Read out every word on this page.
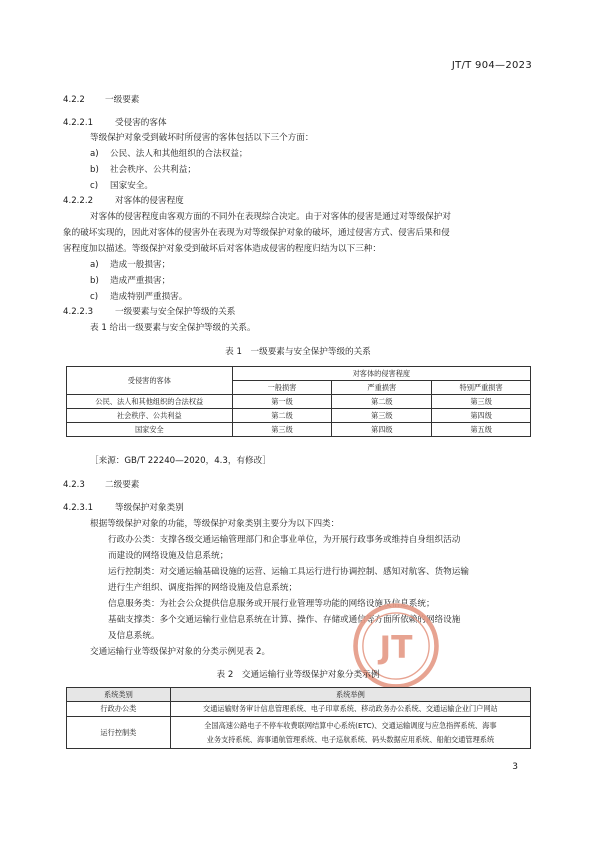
JT/T 904—2023
4.2.2 一级要素
4.2.2.1	受侵害的客体
等级保护对象受到破坏时所侵害的客体包括以下三个方面：
a) 公民、法人和其他组织的合法权益；
b) 社会秩序、公共利益；
c) 国家安全。
4.2.2.2	对客体的侵害程度
对客体的侵害程度由客观方面的不同外在表现综合决定。由于对客体的侵害是通过对等级保护对
象的破坏实现的，因此对客体的侵害外在表现为对等级保护对象的破坏，通过侵害方式、侵害后果和侵
害程度加以描述。等级保护对象受到破坏后对客体造成侵害的程度归结为以下三种：
a) 造成一般损害；
b) 造成严重损害；
c) 造成特别严重损害。
4.2.2.3	一级要素与安全保护等级的关系
表 1 给出一级要素与安全保护等级的关系。
表 1　一级要素与安全保护等级的关系
受侵害的客体	对客体的侵害程度		
	一般损害	严重损害	特别严重损害
公民、法人和其他组织的合法权益	第一级	第二级	第三级
社会秩序、公共利益	第二级	第三级	第四级
国家安全	第三级	第四级	第五级
［来源：GB/T 22240—2020，4.3，有修改］
4.2.3 二级要素
4.2.3.1	等级保护对象类别
根据等级保护对象的功能，等级保护对象类别主要分为以下四类：
行政办公类：支撑各级交通运输管理部门和企事业单位，为开展行政事务或维持自身组织活动
而建设的网络设施及信息系统；
运行控制类：对交通运输基础设施的运营、运输工具运行进行协调控制、感知对航客、货物运输
进行生产组织、调度指挥的网络设施及信息系统；
信息服务类：为社会公众提供信息服务或开展行业管理等功能的网络设施及信息系统；
基础支撑类：多个交通运输行业信息系统在计算、操作、存储或通信等方面所依赖的网络设施
及信息系统。
交通运输行业等级保护对象的分类示例见表 2。	JT
表 2　交通运输行业等级保护对象分类示例
系统类别	系统举例
行政办公类	交通运输财务审计信息管理系统、电子印章系统、移动政务办公系统、交通运输企业门户网站
运行控制类	全国高速公路电子不停车收费联网结算中心系统(ETC)、交通运输调度与应急指挥系统、海事
业务支持系统、海事通航管理系统、电子巡航系统、码头数据应用系统、船舶交通管理系统
3
